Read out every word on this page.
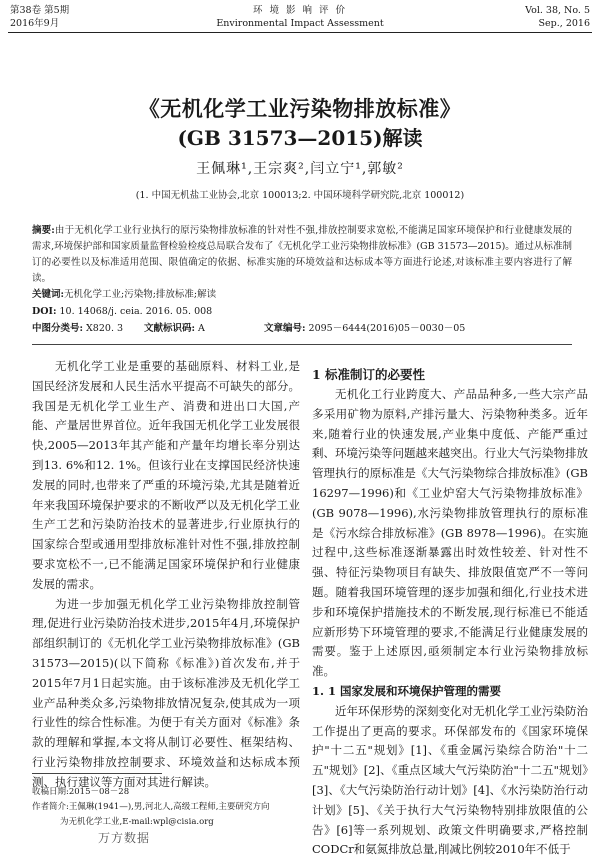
第38卷 第5期
2016年9月
环 境 影 响 评 价
Environmental Impact Assessment
Vol. 38, No. 5
Sep., 2016
《无机化学工业污染物排放标准》
(GB 31573—2015)解读
王佩琳¹,王宗爽²,闫立宁¹,郭敏²
(1. 中国无机盐工业协会,北京 100013;2. 中国环境科学研究院,北京 100012)
摘要:由于无机化学工业行业执行的原污染物排放标准的针对性不强,排放控制要求宽松,不能满足国家环境保护和行业健康发展的需求,环境保护部和国家质量监督检验检疫总局联合发布了《无机化学工业污染物排放标准》(GB 31573—2015)。通过从标准制订的必要性以及标准适用范围、限值确定的依据、标准实施的环境效益和达标成本等方面进行论述,对该标准主要内容进行了解读。
关键词:无机化学工业;污染物;排放标准;解读
DOI: 10. 14068/j. ceia. 2016. 05. 008
中图分类号: X820. 3 文献标识码: A	文章编号: 2095－6444(2016)05－0030－05

无机化学工业是重要的基础原料、材料工业,是国民经济发展和人民生活水平提高不可缺失的部分。我国是无机化学工业生产、消费和进出口大国,产能、产量居世界首位。近年我国无机化学工业发展很快,2005—2013年其产能和产量年均增长率分别达到13. 6%和12. 1%。但该行业在支撑国民经济快速发展的同时,也带来了严重的环境污染,尤其是随着近年来我国环境保护要求的不断收严以及无机化学工业生产工艺和污染防治技术的显著进步,行业原执行的国家综合型或通用型排放标准针对性不强,排放控制要求宽松不一,已不能满足国家环境保护和行业健康发展的需求。

为进一步加强无机化学工业污染物排放控制管理,促进行业污染防治技术进步,2015年4月,环境保护部组织制订的《无机化学工业污染物排放标准》(GB 31573—2015)(以下简称《标准》)首次发布,并于2015年7月1日起实施。由于该标准涉及无机化学工业产品种类众多,污染物排放情况复杂,使其成为一项行业性的综合性标准。为便于有关方面对《标准》条款的理解和掌握,本文将从制订必要性、框架结构、行业污染物排放控制要求、环境效益和达标成本预测、执行建议等方面对其进行解读。

1 标准制订的必要性

无机化工行业跨度大、产品品种多,一些大宗产品多采用矿物为原料,产排污量大、污染物种类多。近年来,随着行业的快速发展,产业集中度低、产能严重过剩、环境污染等问题越来越突出。行业大气污染物排放管理执行的原标准是《大气污染物综合排放标准》(GB 16297—1996)和《工业炉窑大气污染物排放标准》(GB 9078—1996),水污染物排放管理执行的原标准是《污水综合排放标准》(GB 8978—1996)。在实施过程中,这些标准逐渐暴露出时效性较差、针对性不强、特征污染物项目有缺失、排放限值宽严不一等问题。随着我国环境管理的逐步加强和细化,行业技术进步和环境保护措施技术的不断发展,现行标准已不能适应新形势下环境管理的要求,不能满足行业健康发展的需要。鉴于上述原因,亟须制定本行业污染物排放标准。

1. 1 国家发展和环境保护管理的需要

近年环保形势的深刻变化对无机化学工业污染防治工作提出了更高的要求。环保部发布的《国家环境保护"十二五"规划》[1]、《重金属污染综合防治"十二五"规划》[2]、《重点区域大气污染防治"十二五"规划》[3]、《大气污染防治行动计划》[4]、《水污染防治行动计划》[5]、《关于执行大气污染物特别排放限值的公告》[6]等一系列规划、政策文件明确要求,严格控制CODCr和氨氮排放总量,削减比例较2010年不低于

收稿日期:2015－08－28
作者简介:王佩琳(1941—),男,河北人,高级工程师,主要研究方向
为无机化学工业,E-mail:wpl@cisia.org
万方数据
